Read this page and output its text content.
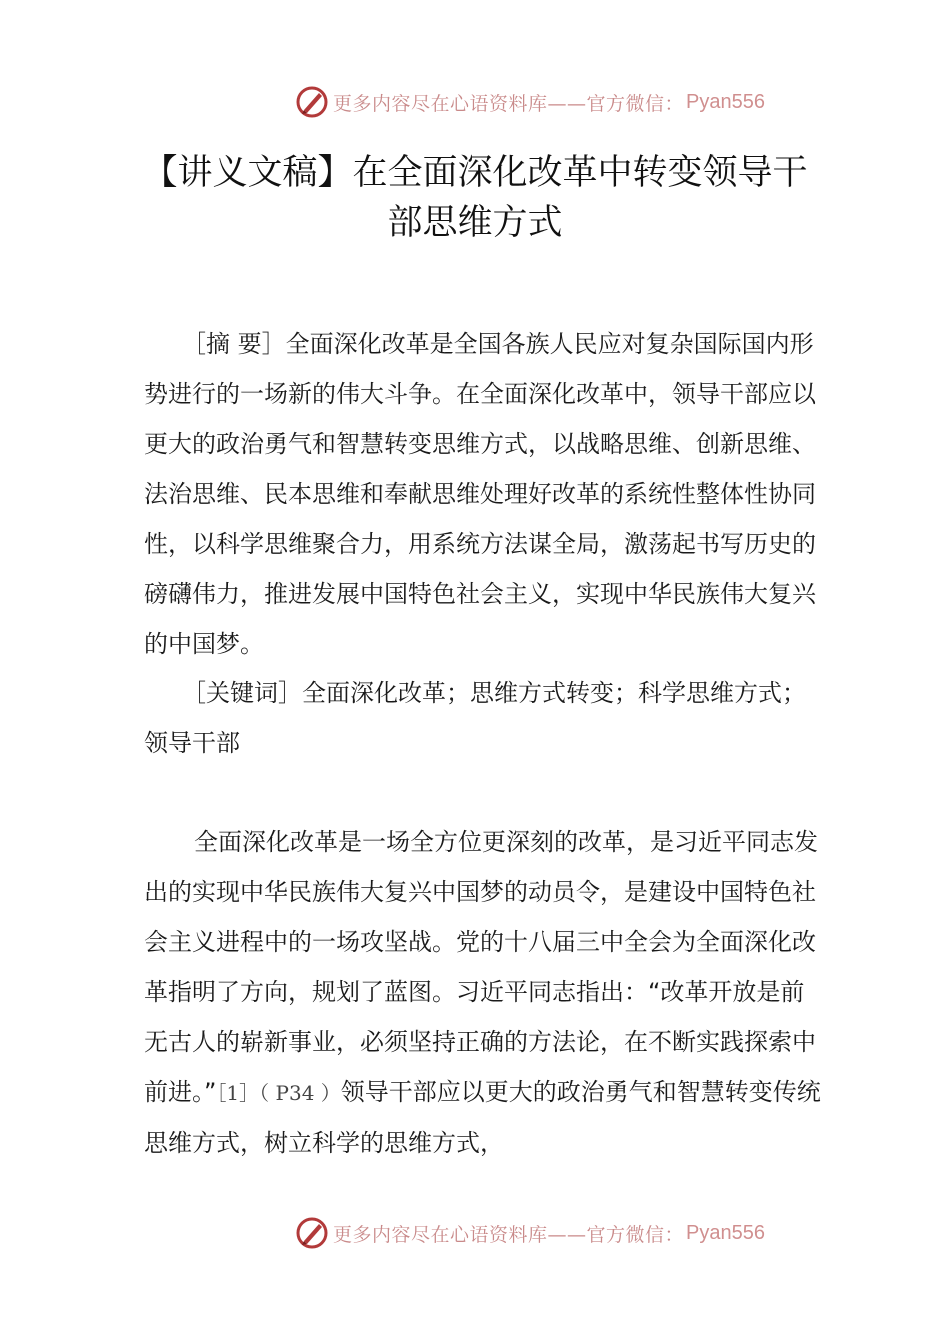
更多内容尽在心语资料库——官方微信： Pyan556
【讲义文稿】在全面深化改革中转变领导干部思维方式

［摘 要］全面深化改革是全国各族人民应对复杂国际国内形势进行的一场新的伟大斗争。在全面深化改革中，领导干部应以更大的政治勇气和智慧转变思维方式，以战略思维、创新思维、法治思维、民本思维和奉献思维处理好改革的系统性整体性协同性，以科学思维聚合力，用系统方法谋全局，激荡起书写历史的磅礴伟力，推进发展中国特色社会主义，实现中华民族伟大复兴的中国梦。

［关键词］全面深化改革；思维方式转变；科学思维方式；领导干部

全面深化改革是一场全方位更深刻的改革，是习近平同志发出的实现中华民族伟大复兴中国梦的动员令，是建设中国特色社会主义进程中的一场攻坚战。党的十八届三中全会为全面深化改革指明了方向，规划了蓝图。习近平同志指出：“改革开放是前无古人的崭新事业，必须坚持正确的方法论，在不断实践探索中前进。”［1］（ P34 ）领导干部应以更大的政治勇气和智慧转变传统思维方式，树立科学的思维方式，

更多内容尽在心语资料库——官方微信： Pyan556
